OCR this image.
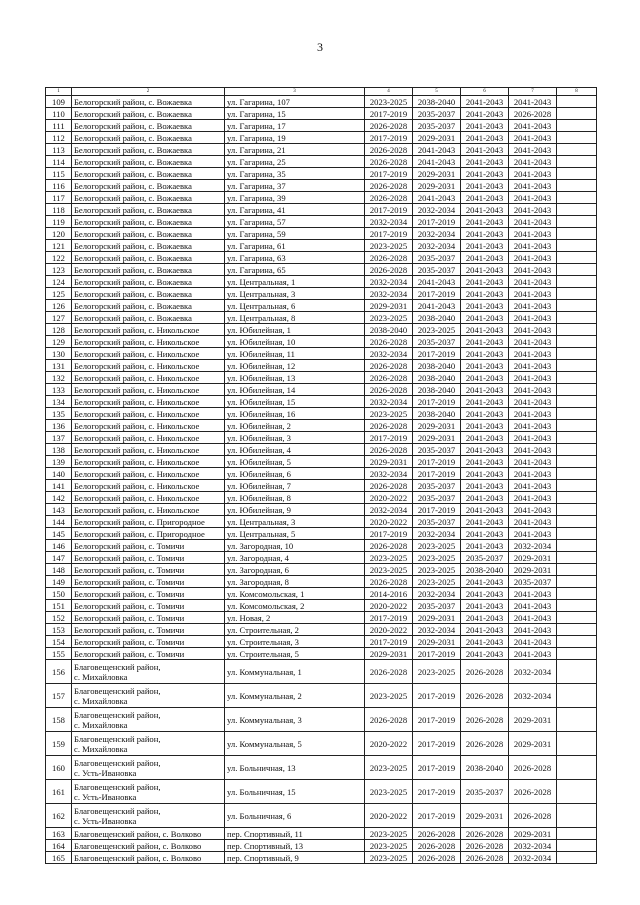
3
1	2	3	4	5	6	7	8
109	Белогорский район, с. Вожаевка	ул. Гагарина, 107	2023-2025	2038-2040	2041-2043	2041-2043	
110	Белогорский район, с. Вожаевка	ул. Гагарина, 15	2017-2019	2035-2037	2041-2043	2026-2028	
111	Белогорский район, с. Вожаевка	ул. Гагарина, 17	2026-2028	2035-2037	2041-2043	2041-2043	
112	Белогорский район, с. Вожаевка	ул. Гагарина, 19	2017-2019	2029-2031	2041-2043	2041-2043	
113	Белогорский район, с. Вожаевка	ул. Гагарина, 21	2026-2028	2041-2043	2041-2043	2041-2043	
114	Белогорский район, с. Вожаевка	ул. Гагарина, 25	2026-2028	2041-2043	2041-2043	2041-2043	
115	Белогорский район, с. Вожаевка	ул. Гагарина, 35	2017-2019	2029-2031	2041-2043	2041-2043	
116	Белогорский район, с. Вожаевка	ул. Гагарина, 37	2026-2028	2029-2031	2041-2043	2041-2043	
117	Белогорский район, с. Вожаевка	ул. Гагарина, 39	2026-2028	2041-2043	2041-2043	2041-2043	
118	Белогорский район, с. Вожаевка	ул. Гагарина, 41	2017-2019	2032-2034	2041-2043	2041-2043	
119	Белогорский район, с. Вожаевка	ул. Гагарина, 57	2032-2034	2017-2019	2041-2043	2041-2043	
120	Белогорский район, с. Вожаевка	ул. Гагарина, 59	2017-2019	2032-2034	2041-2043	2041-2043	
121	Белогорский район, с. Вожаевка	ул. Гагарина, 61	2023-2025	2032-2034	2041-2043	2041-2043	
122	Белогорский район, с. Вожаевка	ул. Гагарина, 63	2026-2028	2035-2037	2041-2043	2041-2043	
123	Белогорский район, с. Вожаевка	ул. Гагарина, 65	2026-2028	2035-2037	2041-2043	2041-2043	
124	Белогорский район, с. Вожаевка	ул. Центральная, 1	2032-2034	2041-2043	2041-2043	2041-2043	
125	Белогорский район, с. Вожаевка	ул. Центральная, 3	2032-2034	2017-2019	2041-2043	2041-2043	
126	Белогорский район, с. Вожаевка	ул. Центральная, 6	2029-2031	2041-2043	2041-2043	2041-2043	
127	Белогорский район, с. Вожаевка	ул. Центральная, 8	2023-2025	2038-2040	2041-2043	2041-2043	
128	Белогорский район, с. Никольское	ул. Юбилейная, 1	2038-2040	2023-2025	2041-2043	2041-2043	
129	Белогорский район, с. Никольское	ул. Юбилейная, 10	2026-2028	2035-2037	2041-2043	2041-2043	
130	Белогорский район, с. Никольское	ул. Юбилейная, 11	2032-2034	2017-2019	2041-2043	2041-2043	
131	Белогорский район, с. Никольское	ул. Юбилейная, 12	2026-2028	2038-2040	2041-2043	2041-2043	
132	Белогорский район, с. Никольское	ул. Юбилейная, 13	2026-2028	2038-2040	2041-2043	2041-2043	
133	Белогорский район, с. Никольское	ул. Юбилейная, 14	2026-2028	2038-2040	2041-2043	2041-2043	
134	Белогорский район, с. Никольское	ул. Юбилейная, 15	2032-2034	2017-2019	2041-2043	2041-2043	
135	Белогорский район, с. Никольское	ул. Юбилейная, 16	2023-2025	2038-2040	2041-2043	2041-2043	
136	Белогорский район, с. Никольское	ул. Юбилейная, 2	2026-2028	2029-2031	2041-2043	2041-2043	
137	Белогорский район, с. Никольское	ул. Юбилейная, 3	2017-2019	2029-2031	2041-2043	2041-2043	
138	Белогорский район, с. Никольское	ул. Юбилейная, 4	2026-2028	2035-2037	2041-2043	2041-2043	
139	Белогорский район, с. Никольское	ул. Юбилейная, 5	2029-2031	2017-2019	2041-2043	2041-2043	
140	Белогорский район, с. Никольское	ул. Юбилейная, 6	2032-2034	2017-2019	2041-2043	2041-2043	
141	Белогорский район, с. Никольское	ул. Юбилейная, 7	2026-2028	2035-2037	2041-2043	2041-2043	
142	Белогорский район, с. Никольское	ул. Юбилейная, 8	2020-2022	2035-2037	2041-2043	2041-2043	
143	Белогорский район, с. Никольское	ул. Юбилейная, 9	2032-2034	2017-2019	2041-2043	2041-2043	
144	Белогорский район, с. Пригородное	ул. Центральная, 3	2020-2022	2035-2037	2041-2043	2041-2043	
145	Белогорский район, с. Пригородное	ул. Центральная, 5	2017-2019	2032-2034	2041-2043	2041-2043	
146	Белогорский район, с. Томичи	ул. Загородная, 10	2026-2028	2023-2025	2041-2043	2032-2034	
147	Белогорский район, с. Томичи	ул. Загородная, 4	2023-2025	2023-2025	2035-2037	2029-2031	
148	Белогорский район, с. Томичи	ул. Загородная, 6	2023-2025	2023-2025	2038-2040	2029-2031	
149	Белогорский район, с. Томичи	ул. Загородная, 8	2026-2028	2023-2025	2041-2043	2035-2037	
150	Белогорский район, с. Томичи	ул. Комсомольская, 1	2014-2016	2032-2034	2041-2043	2041-2043	
151	Белогорский район, с. Томичи	ул. Комсомольская, 2	2020-2022	2035-2037	2041-2043	2041-2043	
152	Белогорский район, с. Томичи	ул. Новая, 2	2017-2019	2029-2031	2041-2043	2041-2043	
153	Белогорский район, с. Томичи	ул. Строительная, 2	2020-2022	2032-2034	2041-2043	2041-2043	
154	Белогорский район, с. Томичи	ул. Строительная, 3	2017-2019	2029-2031	2041-2043	2041-2043	
155	Белогорский район, с. Томичи	ул. Строительная, 5	2029-2031	2017-2019	2041-2043	2041-2043	
156	Благовещенский район,
с. Михайловка	ул. Коммунальная, 1	2026-2028	2023-2025	2026-2028	2032-2034	
157	Благовещенский район,
с. Михайловка	ул. Коммунальная, 2	2023-2025	2017-2019	2026-2028	2032-2034	
158	Благовещенский район,
с. Михайловка	ул. Коммунальная, 3	2026-2028	2017-2019	2026-2028	2029-2031	
159	Благовещенский район,
с. Михайловка	ул. Коммунальная, 5	2020-2022	2017-2019	2026-2028	2029-2031	
160	Благовещенский район,
с. Усть-Ивановка	ул. Больничная, 13	2023-2025	2017-2019	2038-2040	2026-2028	
161	Благовещенский район,
с. Усть-Ивановка	ул. Больничная, 15	2023-2025	2017-2019	2035-2037	2026-2028	
162	Благовещенский район,
с. Усть-Ивановка	ул. Больничная, 6	2020-2022	2017-2019	2029-2031	2026-2028	
163	Благовещенский район, с. Волково	пер. Спортивный, 11	2023-2025	2026-2028	2026-2028	2029-2031	
164	Благовещенский район, с. Волково	пер. Спортивный, 13	2023-2025	2026-2028	2026-2028	2032-2034	
165	Благовещенский район, с. Волково	пер. Спортивный, 9	2023-2025	2026-2028	2026-2028	2032-2034	
